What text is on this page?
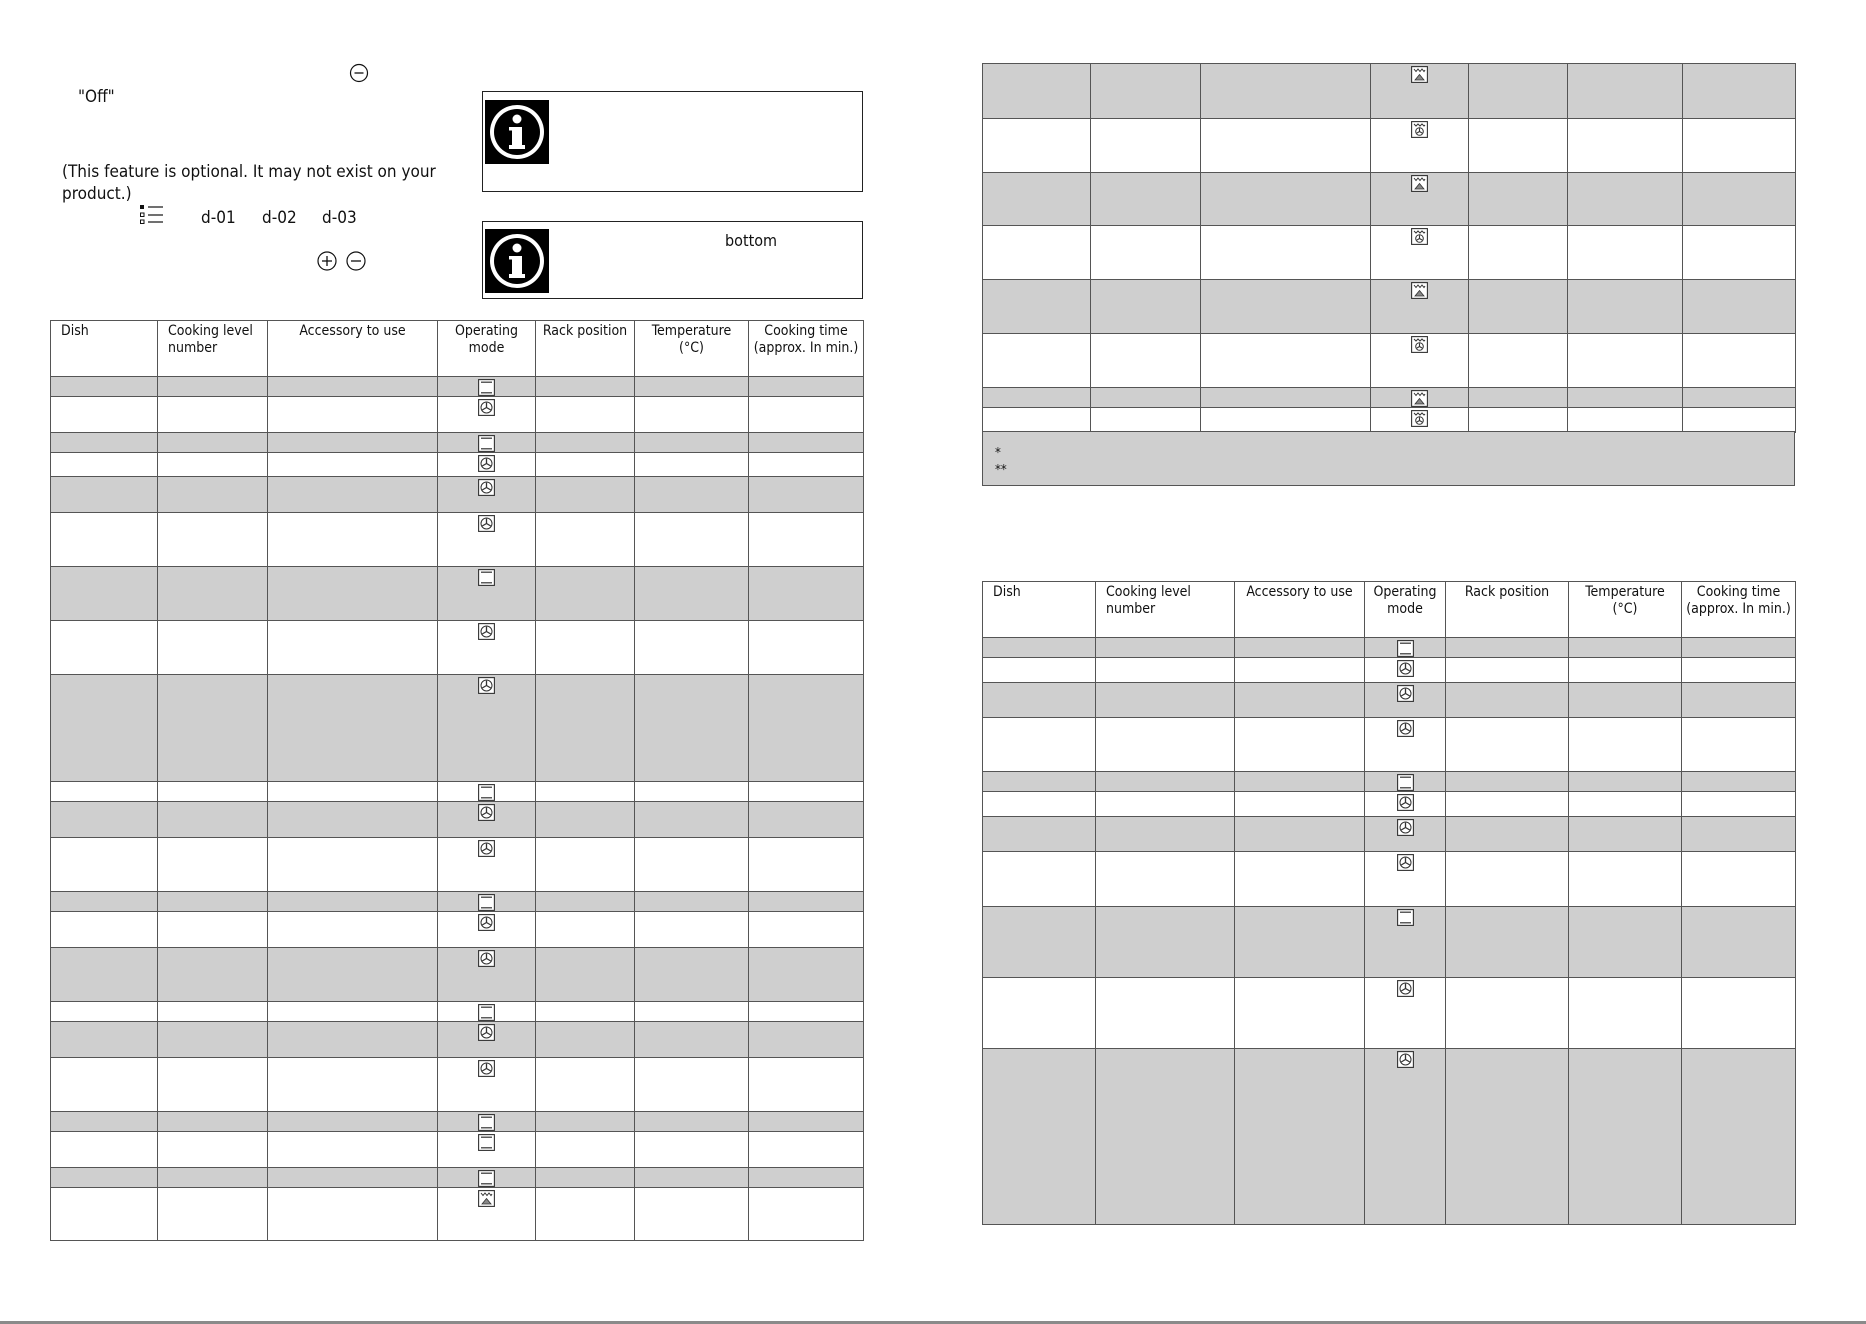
"Off"
(This feature is optional. It may not exist on your
product.)
d-01 d-02 d-03

bottom
Dish	Cooking level number	Accessory to use	Operating mode	Rack position	Temperature (°C)	Cooking time (approx. In min.)

*
**
Dish	Cooking level number	Accessory to use	Operating mode	Rack position	Temperature (°C)	Cooking time (approx. In min.)
